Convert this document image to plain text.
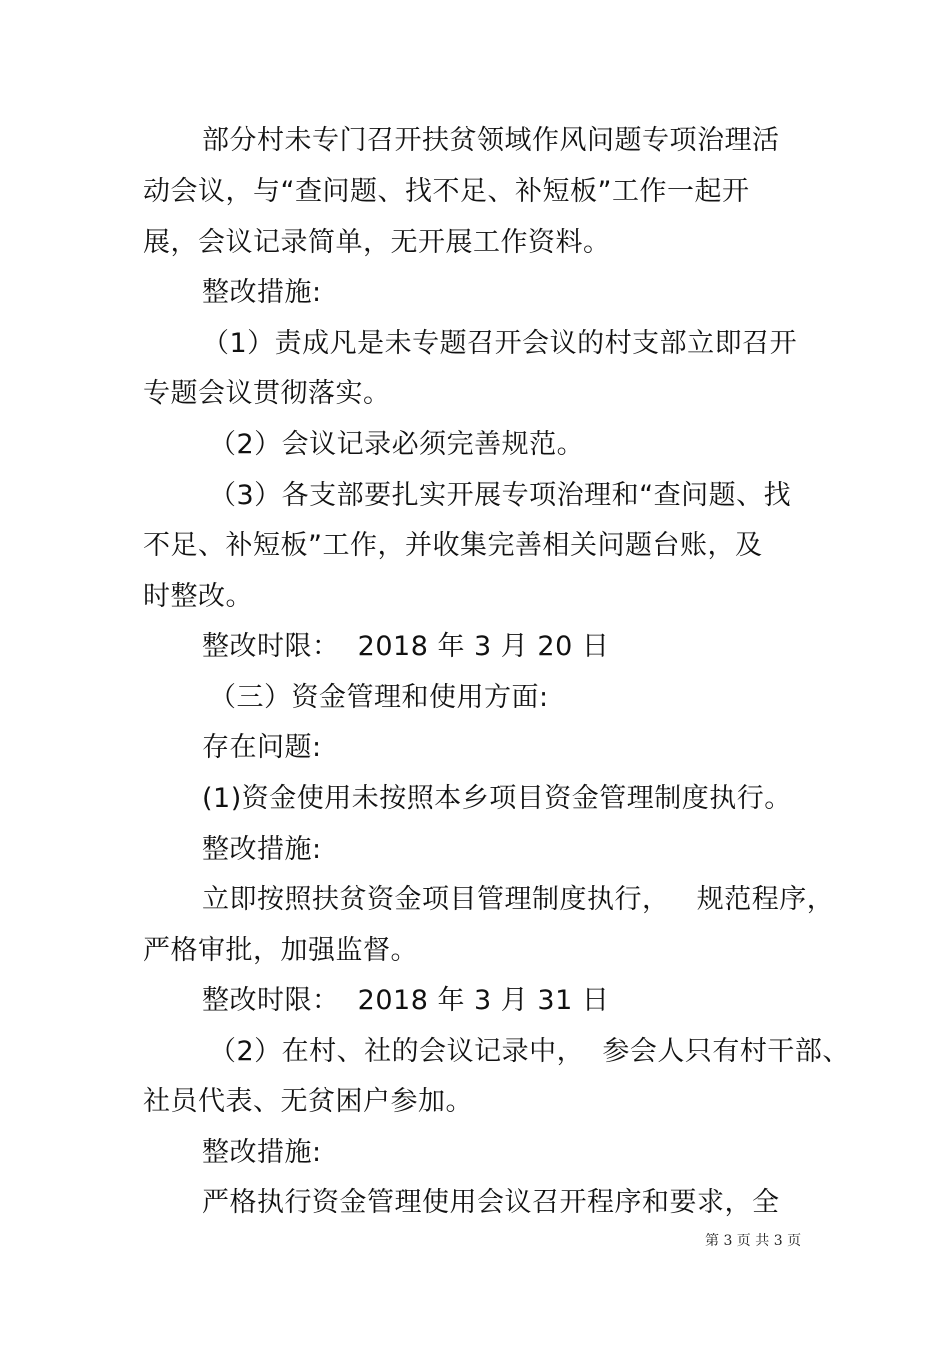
部分村未专门召开扶贫领域作风问题专项治理活
动会议，与“查问题、找不足、补短板”工作一起开
展，会议记录简单，无开展工作资料。
整改措施:
（1）责成凡是未专题召开会议的村支部立即召开
专题会议贯彻落实。
（2）会议记录必须完善规范。
（3）各支部要扎实开展专项治理和“查问题、找
不足、补短板”工作，并收集完善相关问题台账，及
时整改。
整改时限：  2018 年 3 月 20 日
（三）资金管理和使用方面:
存在问题:
(1)资金使用未按照本乡项目资金管理制度执行。
整改措施:
立即按照扶贫资金项目管理制度执行，   规范程序，
严格审批，加强监督。
整改时限：  2018 年 3 月 31 日
（2）在村、社的会议记录中，  参会人只有村干部、
社员代表、无贫困户参加。
整改措施:
严格执行资金管理使用会议召开程序和要求，全
第 3 页 共 3 页
